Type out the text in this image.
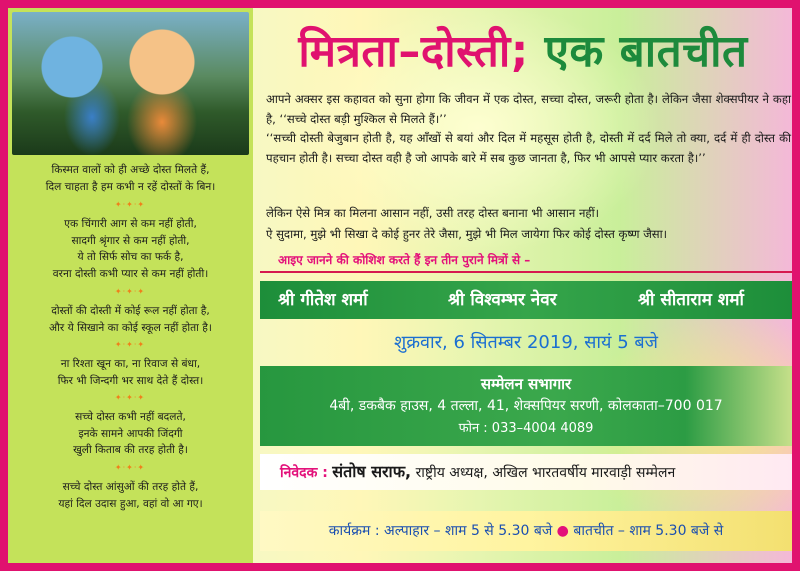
किस्मत वालों को ही अच्छे दोस्त मिलते हैं,
दिल चाहता है हम कभी न रहें दोस्तों के बिन।
✦·✦·✦
एक चिंगारी आग से कम नहीं होती,
सादगी श्रृंगार से कम नहीं होती,
ये तो सिर्फ सोच का फर्क है,
वरना दोस्ती कभी प्यार से कम नहीं होती।
✦·✦·✦
दोस्तों की दोस्ती में कोई रूल नहीं होता है,
और ये सिखाने का कोई स्कूल नहीं होता है।
✦·✦·✦
ना रिश्ता खून का, ना रिवाज से बंधा,
फिर भी जिन्दगी भर साथ देते हैं दोस्त।
✦·✦·✦
सच्चे दोस्त कभी नहीं बदलते,
इनके सामने आपकी जिंदगी
खुली किताब की तरह होती है।
✦·✦·✦
सच्चे दोस्त आंसुओं की तरह होते हैं,
यहां दिल उदास हुआ, वहां वो आ गए।
मित्रता–दोस्ती; एक बातचीत
आपने अक्सर इस कहावत को सुना होगा कि जीवन में एक दोस्त, सच्चा दोस्त, जरूरी होता है। लेकिन जैसा शेक्सपीयर ने कहा है, ‘‘सच्चे दोस्त बड़ी मुश्किल से मिलते हैं।’’
‘‘सच्ची दोस्ती बेजुबान होती है, यह आँखों से बयां और दिल में महसूस होती है, दोस्ती में दर्द मिले तो क्या, दर्द में ही दोस्त की पहचान होती है। सच्चा दोस्त वही है जो आपके बारे में सब कुछ जानता है, फिर भी आपसे प्यार करता है।’’
लेकिन ऐसे मित्र का मिलना आसान नहीं, उसी तरह दोस्त बनाना भी आसान नहीं।
ऐ सुदामा, मुझे भी सिखा दे कोई हुनर तेरे जैसा, मुझे भी मिल जायेगा फिर कोई दोस्त कृष्ण जैसा।
आइए जानने की कोशिश करते हैं इन तीन पुराने मित्रों से –
श्री गीतेश शर्मा	श्री विश्वम्भर नेवर	श्री सीताराम शर्मा
शुक्रवार, 6 सितम्बर 2019, सायं 5 बजे
सम्मेलन सभागार
4बी, डकबैक हाउस, 4 तल्ला, 41, शेक्सपियर सरणी, कोलकाता–700 017
फोन : 033–4004 4089
निवेदक : संतोष सराफ, राष्ट्रीय अध्यक्ष, अखिल भारतवर्षीय मारवाड़ी सम्मेलन
कार्यक्रम : अल्पाहार – शाम 5 से 5.30 बजे ● बातचीत – शाम 5.30 बजे से
